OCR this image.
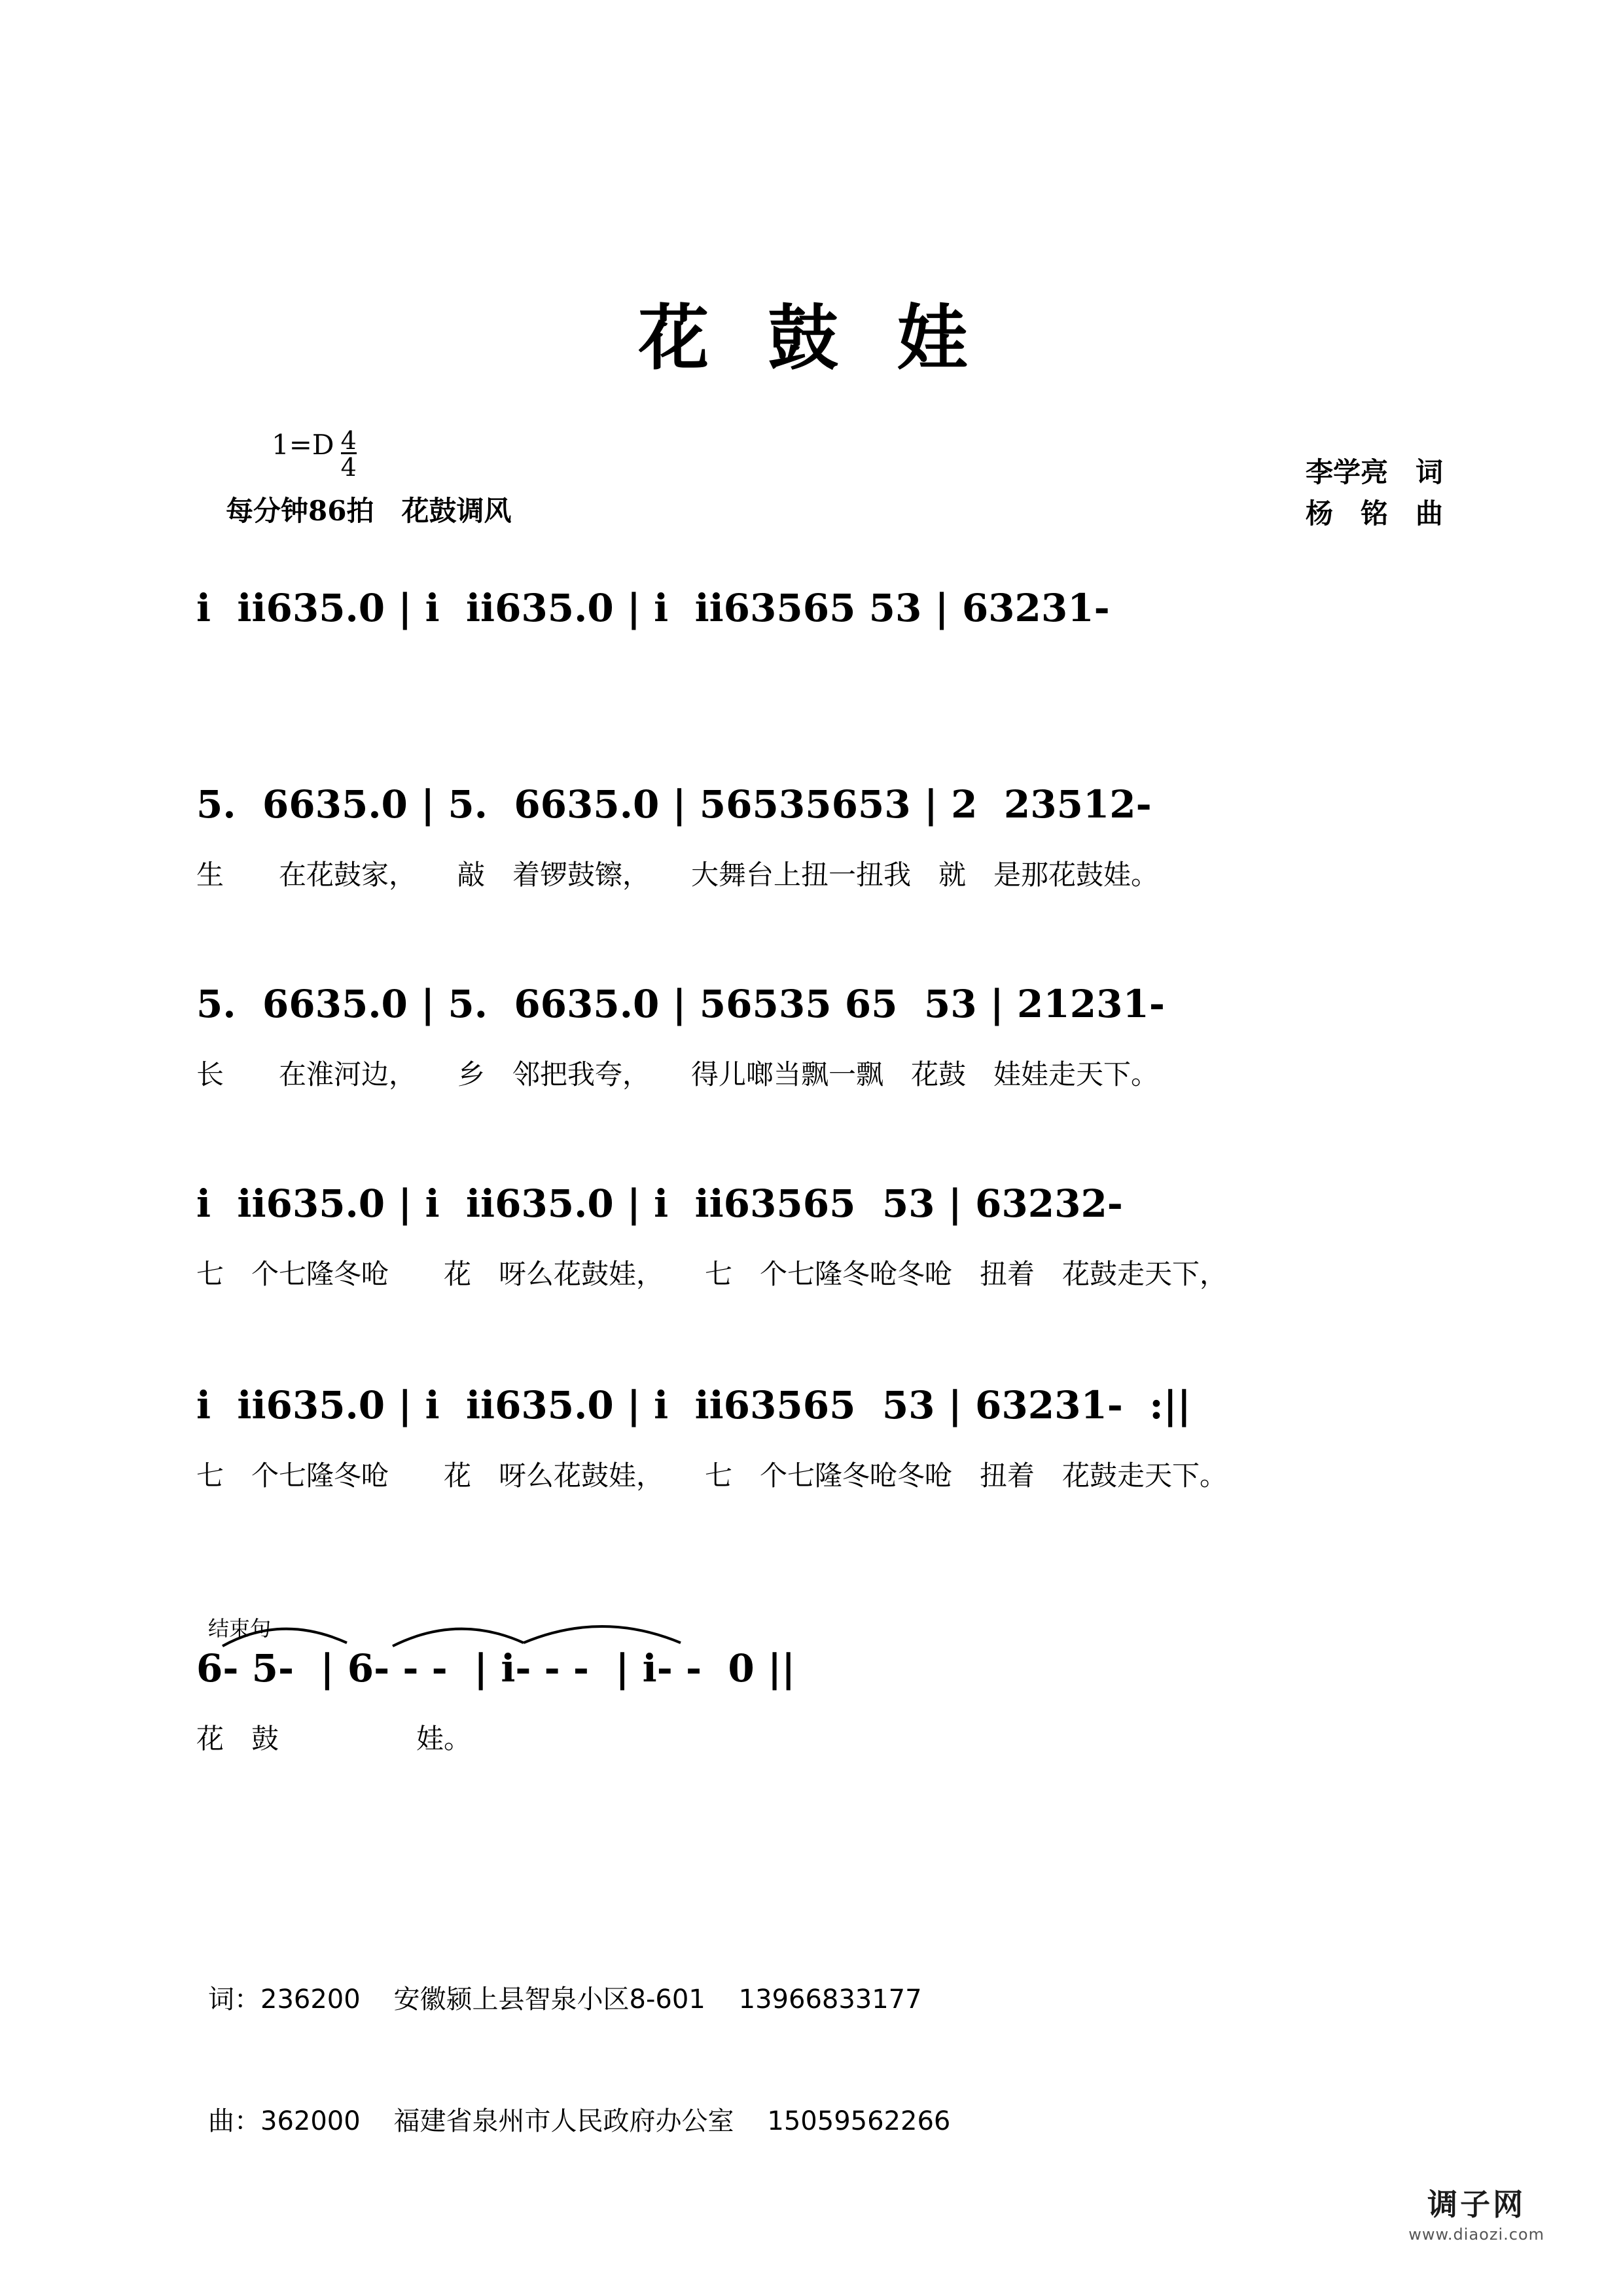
花 鼓 娃
$1=D \frac{4}{4}$
每分钟86拍　花鼓调风
李学亮　词
杨　铭　曲
i  ii635.0 | i  ii635.0 | i  ii63565 53 | 63231-
5.  6635.0 | 5.  6635.0 | 56535653 | 2  23512-
生　　在花鼓家，　　敲　着锣鼓镲，　　大舞台上扭一扭我　就　是那花鼓娃。
5.  6635.0 | 5.  6635.0 | 56535 65  53 | 21231-
长　　在淮河边，　　乡　邻把我夸，　　得儿啷当飘一飘　花鼓　娃娃走天下。
i  ii635.0 | i  ii635.0 | i  ii63565  53 | 63232-
七　个七隆冬呛　　花　呀么花鼓娃，　　七　个七隆冬呛冬呛　扭着　花鼓走天下，
i  ii635.0 | i  ii635.0 | i  ii63565  53 | 63231-  :||
七　个七隆冬呛　　花　呀么花鼓娃，　　七　个七隆冬呛冬呛　扭着　花鼓走天下。
结束句
6- 5-  | 6- - -  | i- - -  | i- -  0 ||
花　鼓　　　　　娃。

词：236200    安徽颍上县智泉小区8-601    13966833177

曲：362000    福建省泉州市人民政府办公室    15059562266

调子网
www.diaozi.com
